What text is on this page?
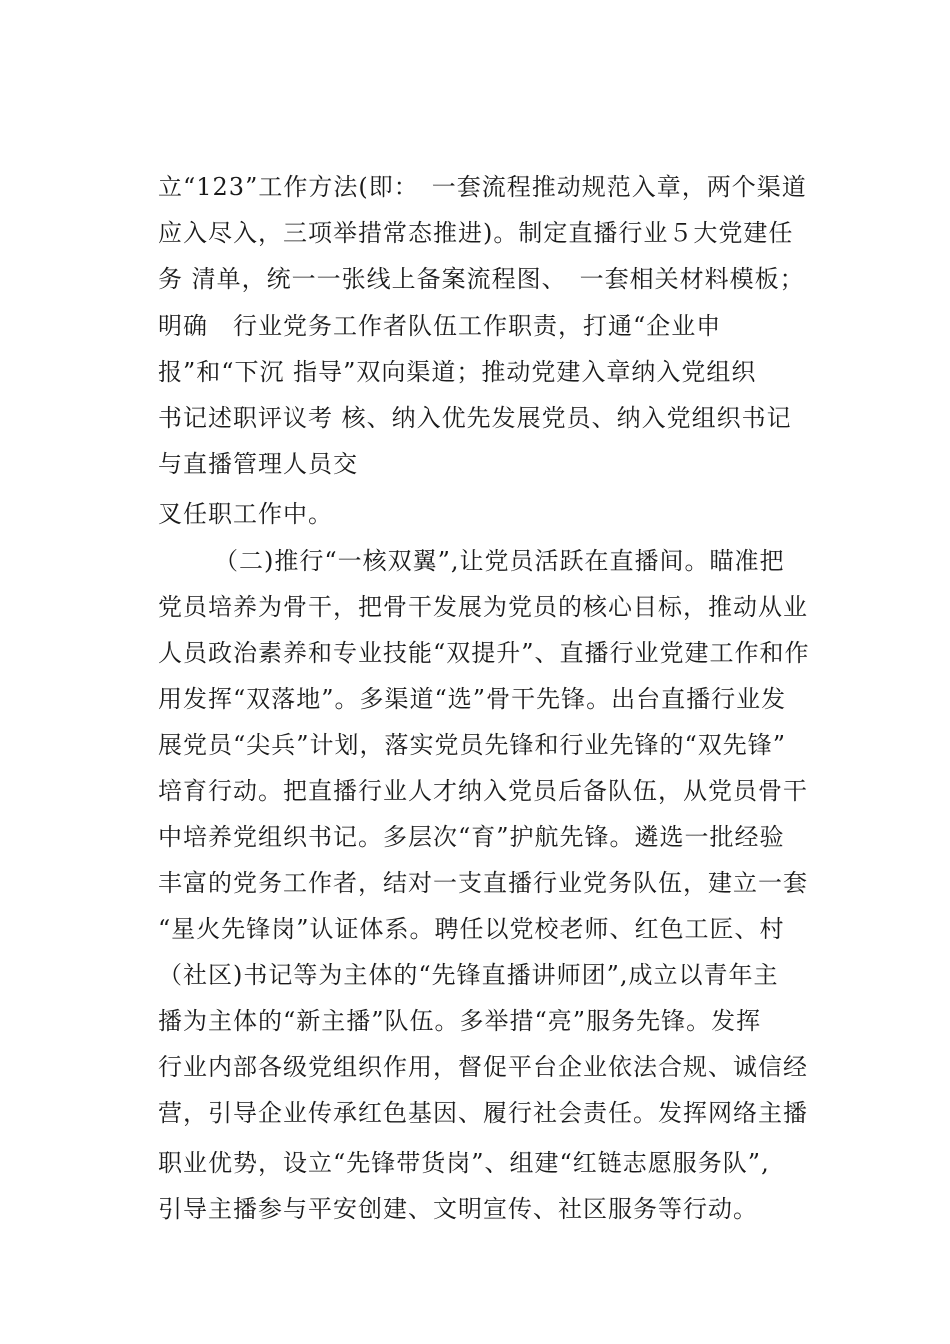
立“123”工作方法(即：　一套流程推动规范入章，两个渠道
应入尽入，三项举措常态推进)。制定直播行业５大党建任
务 清单，统一一张线上备案流程图、　一套相关材料模板；
明确　行业党务工作者队伍工作职责，打通“企业申
报”和“下沉 指导”双向渠道；推动党建入章纳入党组织
书记述职评议考 核、纳入优先发展党员、纳入党组织书记
与直播管理人员交
叉任职工作中。
（二)推行“一核双翼”,让党员活跃在直播间。瞄准把
党员培养为骨干，把骨干发展为党员的核心目标，推动从业
人员政治素养和专业技能“双提升”、直播行业党建工作和作
用发挥“双落地”。多渠道“选”骨干先锋。出台直播行业发
展党员“尖兵”计划，落实党员先锋和行业先锋的“双先锋”
培育行动。把直播行业人才纳入党员后备队伍，从党员骨干
中培养党组织书记。多层次“育”护航先锋。遴选一批经验
丰富的党务工作者，结对一支直播行业党务队伍，建立一套
“星火先锋岗”认证体系。聘任以党校老师、红色工匠、村
（社区)书记等为主体的“先锋直播讲师团”,成立以青年主
播为主体的“新主播”队伍。多举措“亮”服务先锋。发挥
行业内部各级党组织作用，督促平台企业依法合规、诚信经
营，引导企业传承红色基因、履行社会责任。发挥网络主播
职业优势，设立“先锋带货岗”、组建“红链志愿服务队”,
引导主播参与平安创建、文明宣传、社区服务等行动。
